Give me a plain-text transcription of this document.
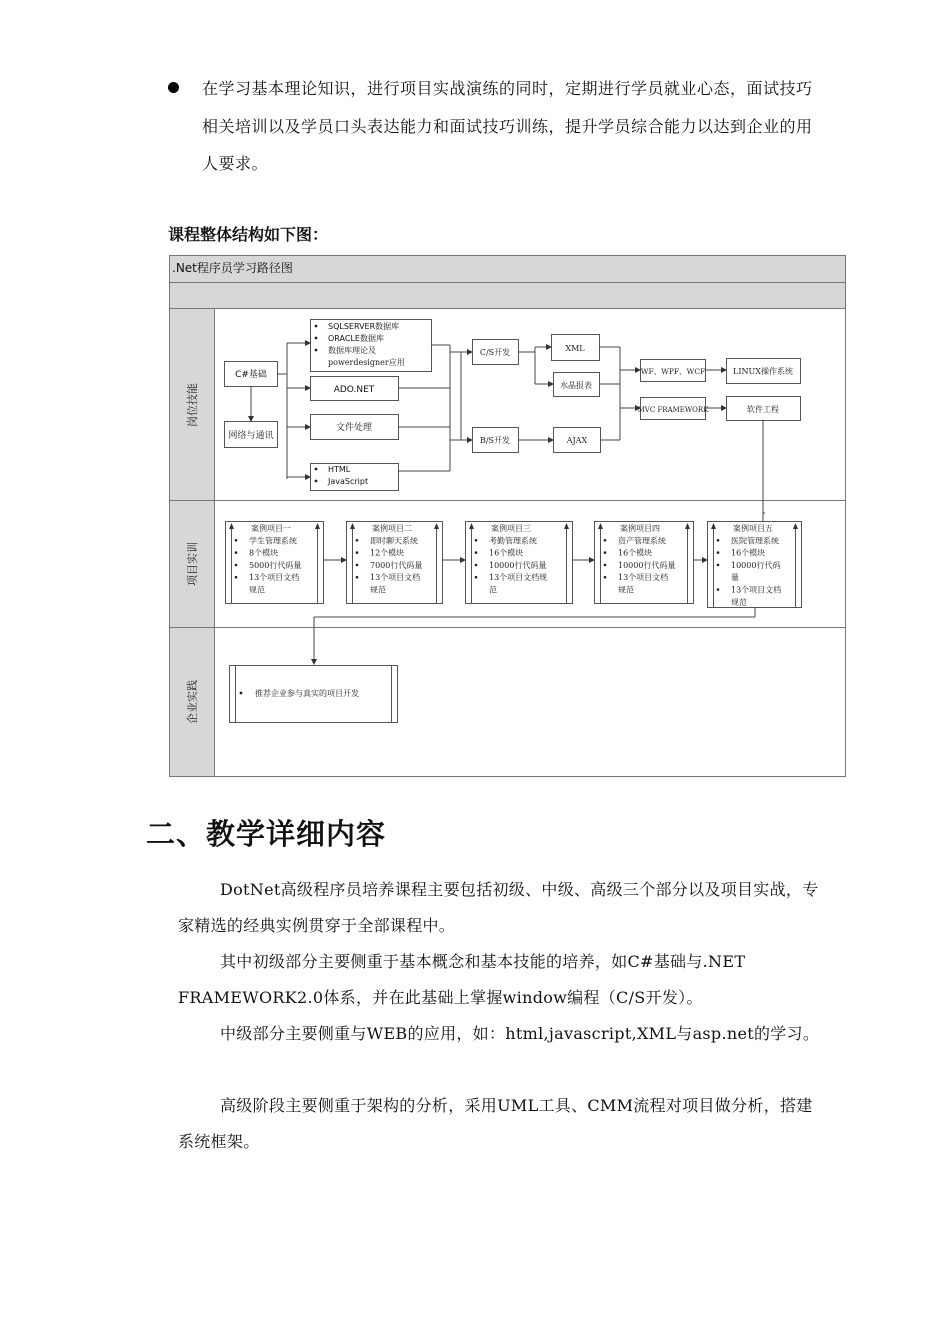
在学习基本理论知识，进行项目实战演练的同时，定期进行学员就业心态，面试技巧相关培训以及学员口头表达能力和面试技巧训练，提升学员综合能力以达到企业的用人要求。
课程整体结构如下图：
.Net程序员学习路径图
岗位技能
项目实训
企业实践
C#基础
网络与通讯
SQLSERVER数据库
ORACLE数据库
数据库理论及
powerdesigner应用
ADO.NET
文件处理
HTML
JavaScript
C/S开发
B/S开发
XML
水晶报表
AJAX
WF、WPF、WCF
MVC FRAMEWORK
LINUX操作系统
软件工程
案例项目一
学生管理系统
8个模块
5000行代码量
13个项目文档
规范
案例项目二
即时聊天系统
12个模块
7000行代码量
13个项目文档
规范
案例项目三
考勤管理系统
16个模块
10000行代码量
13个项目文档规
范
案例项目四
资产管理系统
16个模块
10000行代码量
13个项目文档
规范
案例项目五
医院管理系统
16个模块
10000行代码
量
13个项目文档
规范
推荐企业参与真实的项目开发
二、教学详细内容

DotNet高级程序员培养课程主要包括初级、中级、高级三个部分以及项目实战，专家精选的经典实例贯穿于全部课程中。

其中初级部分主要侧重于基本概念和基本技能的培养，如C#基础与.NET FRAMEWORK2.0体系，并在此基础上掌握window编程（C/S开发）。

中级部分主要侧重与WEB的应用，如：html,javascript,XML与asp.net的学习。

高级阶段主要侧重于架构的分析，采用UML工具、CMM流程对项目做分析，搭建系统框架。
